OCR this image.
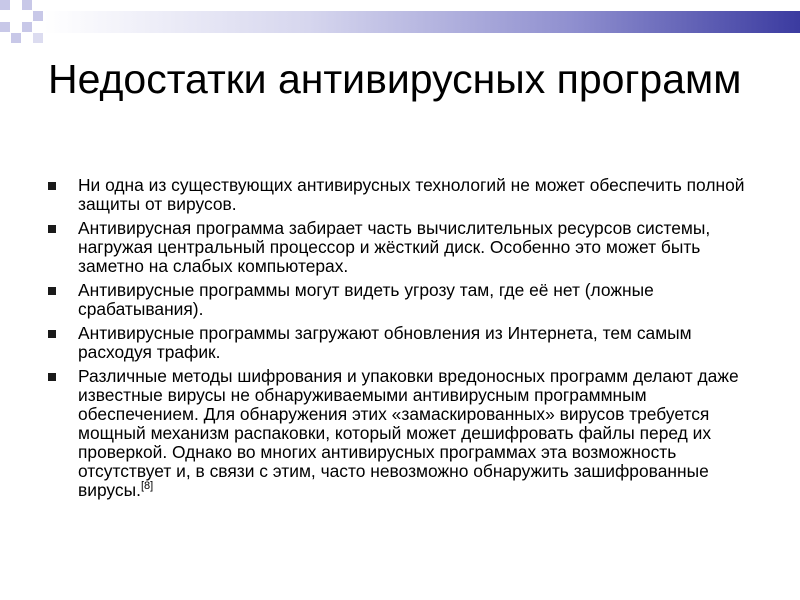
Недостатки антивирусных программ
Ни одна из существующих антивирусных технологий не может обеспечить полной защиты от вирусов.
Антивирусная программа забирает часть вычислительных ресурсов системы, нагружая центральный процессор и жёсткий диск. Особенно это может быть заметно на слабых компьютерах.
Антивирусные программы могут видеть угрозу там, где её нет (ложные срабатывания).
Антивирусные программы загружают обновления из Интернета, тем самым расходуя трафик.
Различные методы шифрования и упаковки вредоносных программ делают даже известные вирусы не обнаруживаемыми антивирусным программным обеспечением. Для обнаружения этих «замаскированных» вирусов требуется мощный механизм распаковки, который может дешифровать файлы перед их проверкой. Однако во многих антивирусных программах эта возможность отсутствует и, в связи с этим, часто невозможно обнаружить зашифрованные вирусы.[8]
